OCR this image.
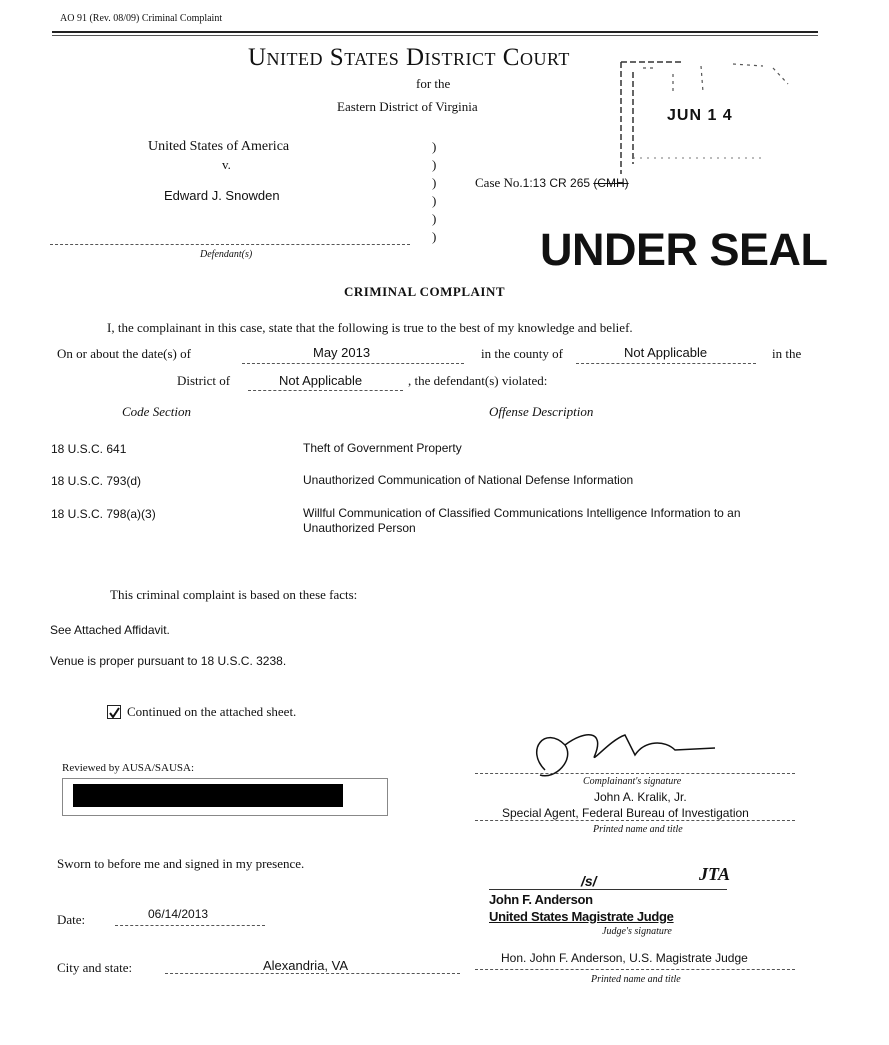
AO 91 (Rev. 08/09) Criminal Complaint
United States District Court
for the
Eastern District of Virginia
JUN 1 4
UNDER SEAL
United States of America
v.
Edward J. Snowden
Defendant(s)
)
)
)
)
)
)
Case No.1:13 CR 265 (CMH)
CRIMINAL COMPLAINT
I, the complainant in this case, state that the following is true to the best of my knowledge and belief.
On or about the date(s) of	May 2013	in the county of	Not Applicable	in the
District of	Not Applicable	, the defendant(s) violated:
Code Section	Offense Description
18 U.S.C. 641	Theft of Government Property
18 U.S.C. 793(d)	Unauthorized Communication of National Defense Information
18 U.S.C. 798(a)(3)	Willful Communication of Classified Communications Intelligence Information to an Unauthorized Person
This criminal complaint is based on these facts:
See Attached Affidavit.
Venue is proper pursuant to 18 U.S.C. 3238.
Continued on the attached sheet.
Reviewed by AUSA/SAUSA:
Complainant's signature
John A. Kralik, Jr.
Special Agent, Federal Bureau of Investigation
Printed name and title
Sworn to before me and signed in my presence.
/s/	JTA
John F. Anderson
United States Magistrate Judge
Judge's signature
Hon. John F. Anderson, U.S. Magistrate Judge
Printed name and title
Date:	06/14/2013
City and state:	Alexandria, VA
